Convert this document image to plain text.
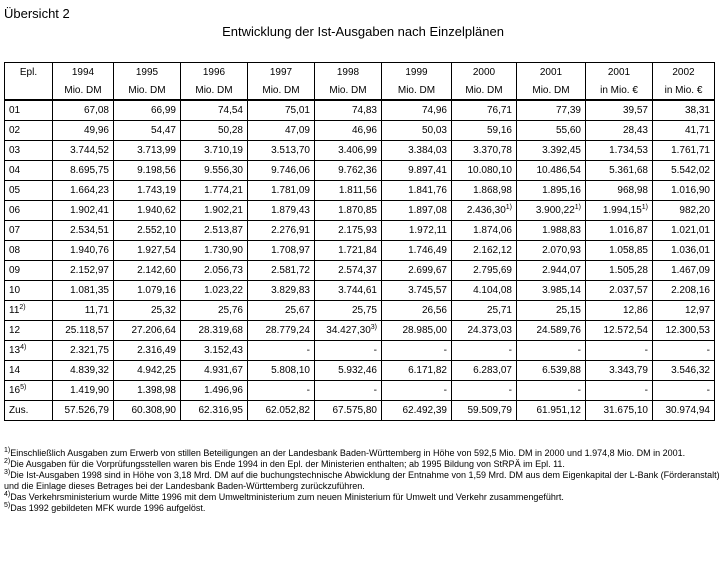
Übersicht 2
Entwicklung der Ist-Ausgaben nach Einzelplänen
Epl.	1994	1995	1996	1997	1998	1999	2000	2001	2001	2002
	Mio. DM	Mio. DM	Mio. DM	Mio. DM	Mio. DM	Mio. DM	Mio. DM	Mio. DM	in Mio. €	in Mio. €
01	67,08	66,99	74,54	75,01	74,83	74,96	76,71	77,39	39,57	38,31
02	49,96	54,47	50,28	47,09	46,96	50,03	59,16	55,60	28,43	41,71
03	3.744,52	3.713,99	3.710,19	3.513,70	3.406,99	3.384,03	3.370,78	3.392,45	1.734,53	1.761,71
04	8.695,75	9.198,56	9.556,30	9.746,06	9.762,36	9.897,41	10.080,10	10.486,54	5.361,68	5.542,02
05	1.664,23	1.743,19	1.774,21	1.781,09	1.811,56	1.841,76	1.868,98	1.895,16	968,98	1.016,90
06	1.902,41	1.940,62	1.902,21	1.879,43	1.870,85	1.897,08	2.436,30$^{1)}$	3.900,22$^{1)}$	1.994,15$^{1)}$	982,20
07	2.534,51	2.552,10	2.513,87	2.276,91	2.175,93	1.972,11	1.874,06	1.988,83	1.016,87	1.021,01
08	1.940,76	1.927,54	1.730,90	1.708,97	1.721,84	1.746,49	2.162,12	2.070,93	1.058,85	1.036,01
09	2.152,97	2.142,60	2.056,73	2.581,72	2.574,37	2.699,67	2.795,69	2.944,07	1.505,28	1.467,09
10	1.081,35	1.079,16	1.023,22	3.829,83	3.744,61	3.745,57	4.104,08	3.985,14	2.037,57	2.208,16
11$^{2)}$	11,71	25,32	25,76	25,67	25,75	26,56	25,71	25,15	12,86	12,97
12	25.118,57	27.206,64	28.319,68	28.779,24	34.427,30$^{3)}$	28.985,00	24.373,03	24.589,76	12.572,54	12.300,53
13$^{4)}$	2.321,75	2.316,49	3.152,43	-	-	-	-	-	-	-
14	4.839,32	4.942,25	4.931,67	5.808,10	5.932,46	6.171,82	6.283,07	6.539,88	3.343,79	3.546,32
16$^{5)}$	1.419,90	1.398,98	1.496,96	-	-	-	-	-	-	-
Zus.	57.526,79	60.308,90	62.316,95	62.052,82	67.575,80	62.492,39	59.509,79	61.951,12	31.675,10	30.974,94
$^{1)}$Einschließlich Ausgaben zum Erwerb von stillen Beteiligungen an der Landesbank Baden-Württemberg in Höhe von 592,5 Mio. DM in 2000 und 1.974,8 Mio. DM in 2001.
$^{2)}$Die Ausgaben für die Vorprüfungsstellen waren bis Ende 1994 in den Epl. der Ministerien enthalten; ab 1995 Bildung von StRPÄ im Epl. 11.
$^{3)}$Die Ist-Ausgaben 1998 sind in Höhe von 3,18 Mrd. DM auf die buchungstechnische Abwicklung der Entnahme von 1,59 Mrd. DM aus dem Eigenkapital der L-Bank (Förderanstalt) und die Einlage dieses Betrages bei der Landesbank Baden-Württemberg zurückzuführen.
$^{4)}$Das Verkehrsministerium wurde Mitte 1996 mit dem Umweltministerium zum neuen Ministerium für Umwelt und Verkehr zusammengeführt.
$^{5)}$Das 1992 gebildeten MFK wurde 1996 aufgelöst.
